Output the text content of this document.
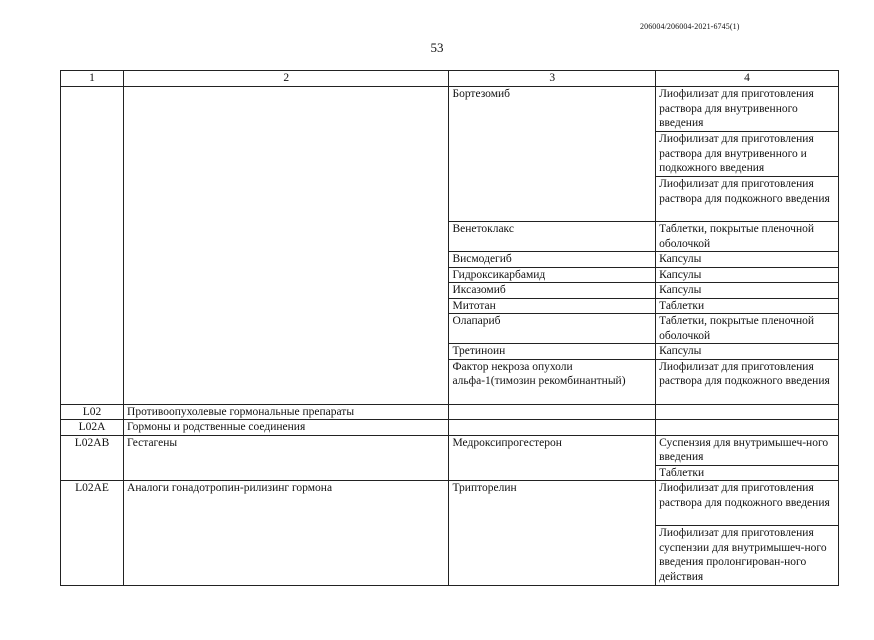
206004/206004-2021-6745(1)
53
1	2	3	4
		Бортезомиб	Лиофилизат для приготовления раствора для внутривенного введения
			Лиофилизат для приготовления раствора для внутривенного и подкожного введения
			Лиофилизат для приготовления раствора для подкожного введения
		Венетоклакс	Таблетки, покрытые пленочной оболочкой
		Висмодегиб	Капсулы
		Гидроксикарбамид	Капсулы
		Иксазомиб	Капсулы
		Митотан	Таблетки
		Олапариб	Таблетки, покрытые пленочной оболочкой
		Третиноин	Капсулы
		Фактор некроза опухоли альфа-1(тимозин рекомбинантный)	Лиофилизат для приготовления раствора для подкожного введения
L02	Противоопухолевые гормональные препараты		
L02A	Гормоны и родственные соединения		
L02AB	Гестагены	Медроксипрогестерон	Суспензия для внутримышеч-ного введения
			Таблетки
L02AE	Аналоги гонадотропин-рилизинг гормона	Трипторелин	Лиофилизат для приготовления раствора для подкожного введения
			Лиофилизат для приготовления суспензии для внутримышеч-ного введения пролонгирован-ного действия
